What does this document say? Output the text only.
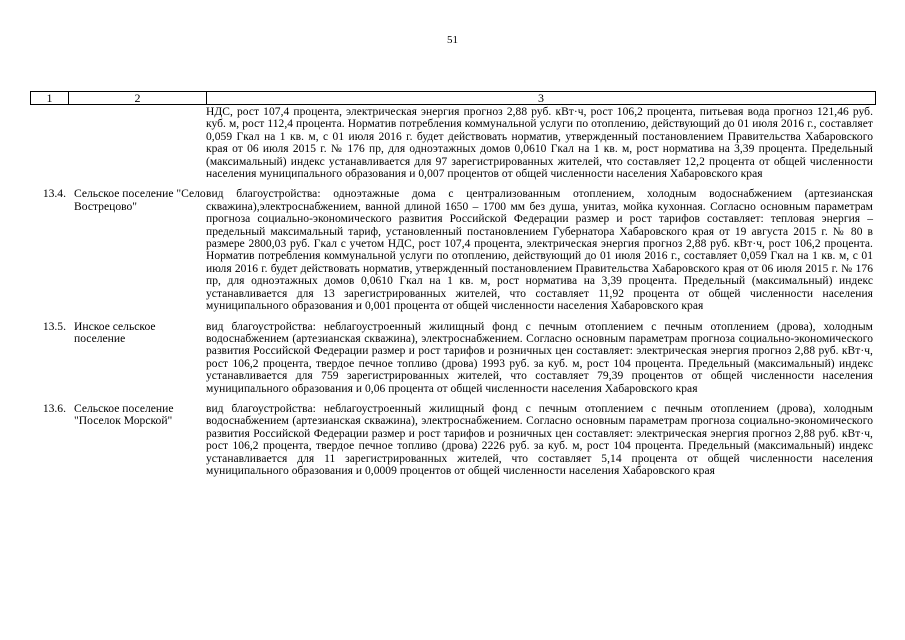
51
1	2	3
НДС, рост 107,4 процента, электрическая энергия прогноз 2,88 руб. кВт·ч, рост 106,2 процента, питьевая вода прогноз 121,46 руб. куб. м, рост 112,4 процента. Норматив потребления коммунальной услуги по отоплению, действующий до 01 июля 2016 г., составляет 0,059 Гкал на 1 кв. м, с 01 июля 2016 г. будет действовать норматив, утвержденный постановлением Правительства Хабаровского края от 06 июля 2015 г. № 176 пр, для одноэтажных домов 0,0610 Гкал на 1 кв. м, рост норматива на 3,39 процента. Предельный (максимальный) индекс устанавливается для 97 зарегистрированных жителей, что составляет 12,2 процента от общей численности населения муниципального образования и 0,007 процентов от общей численности населения Хабаровского края
13.4. Сельское поселение "Село Вострецово"
вид благоустройства: одноэтажные дома с централизованным отоплением, холодным водоснабжением (артезианская скважина),электроснабжением, ванной длиной 1650 – 1700 мм без душа, унитаз, мойка кухонная. Согласно основным параметрам прогноза социально-экономического развития Российской Федерации размер и рост тарифов составляет: тепловая энергия – предельный максимальный тариф, установленный постановлением Губернатора Хабаровского края от 19 августа 2015 г. № 80 в размере 2800,03 руб. Гкал с учетом НДС, рост 107,4 процента, электрическая энергия прогноз 2,88 руб. кВт·ч, рост 106,2 процента. Норматив потребления коммунальной услуги по отоплению, действующий до 01 июля 2016 г., составляет 0,059 Гкал на 1 кв. м, с 01 июля 2016 г. будет действовать норматив, утвержденный постановлением Правительства Хабаровского края от 06 июля 2015 г. № 176 пр, для одноэтажных домов 0,0610 Гкал на 1 кв. м, рост норматива на 3,39 процента. Предельный (максимальный) индекс устанавливается для 13 зарегистрированных жителей, что составляет 11,92 процента от общей численности населения муниципального образования и 0,001 процента от общей численности населения Хабаровского края
13.5. Инское сельское поселение
вид благоустройства: неблагоустроенный жилищный фонд с печным отоплением с печным отоплением (дрова), холодным водоснабжением (артезианская скважина), электроснабжением. Согласно основным параметрам прогноза социально-экономического развития Российской Федерации размер и рост тарифов и розничных цен составляет: электрическая энергия прогноз 2,88 руб. кВт·ч, рост 106,2 процента, твердое печное топливо (дрова) 1993 руб. за куб. м, рост 104 процента. Предельный (максимальный) индекс устанавливается для 759 зарегистрированных жителей, что составляет 79,39 процентов от общей численности населения муниципального образования и 0,06 процента от общей численности населения Хабаровского края
13.6. Сельское поселение "Поселок Морской"
вид благоустройства: неблагоустроенный жилищный фонд с печным отоплением с печным отоплением (дрова), холодным водоснабжением (артезианская скважина), электроснабжением. Согласно основным параметрам прогноза социально-экономического развития Российской Федерации размер и рост тарифов и розничных цен составляет: электрическая энергия прогноз 2,88 руб. кВт·ч, рост 106,2 процента, твердое печное топливо (дрова) 2226 руб. за куб. м, рост 104 процента. Предельный (максимальный) индекс устанавливается для 11 зарегистрированных жителей, что составляет 5,14 процента от общей численности населения муниципального образования и 0,0009 процентов от общей численности населения Хабаровского края
